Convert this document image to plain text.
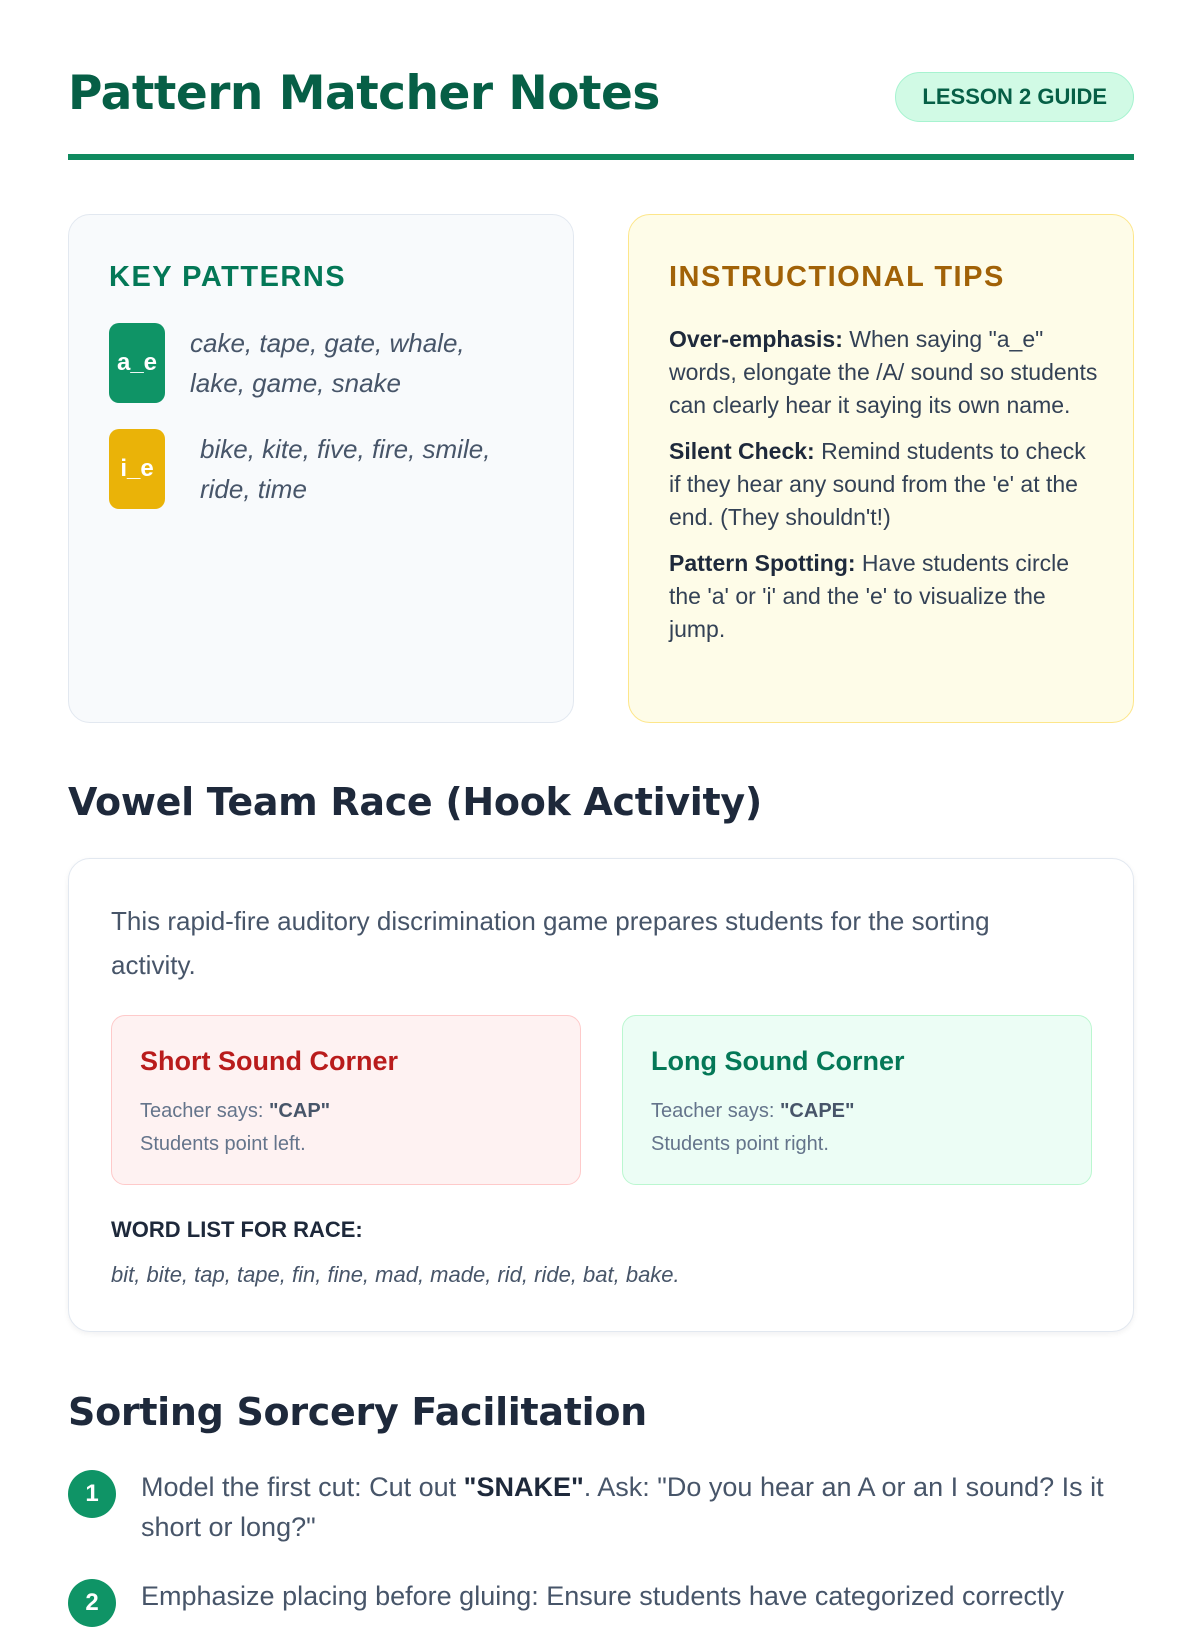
Pattern Matcher Notes	LESSON 2 GUIDE
KEY PATTERNS
a_e
cake, tape, gate, whale, lake, game, snake
i_e
bike, kite, five, fire, smile, ride, time
INSTRUCTIONAL TIPS

Over-emphasis: When saying "a_e" words, elongate the /A/ sound so students can clearly hear it saying its own name.

Silent Check: Remind students to check if they hear any sound from the 'e' at the end. (They shouldn't!)

Pattern Spotting: Have students circle the 'a' or 'i' and the 'e' to visualize the jump.

Vowel Team Race (Hook Activity)
This rapid-fire auditory discrimination game prepares students for the sorting activity.
Short Sound Corner
Teacher says: "CAP"
Students point left.
Long Sound Corner
Teacher says: "CAPE"
Students point right.
WORD LIST FOR RACE:
bit, bite, tap, tape, fin, fine, mad, made, rid, ride, bat, bake.
Sorting Sorcery Facilitation
1	Model the first cut: Cut out "SNAKE". Ask: "Do you hear an A or an I sound? Is it short or long?"
2	Emphasize placing before gluing: Ensure students have categorized correctly
